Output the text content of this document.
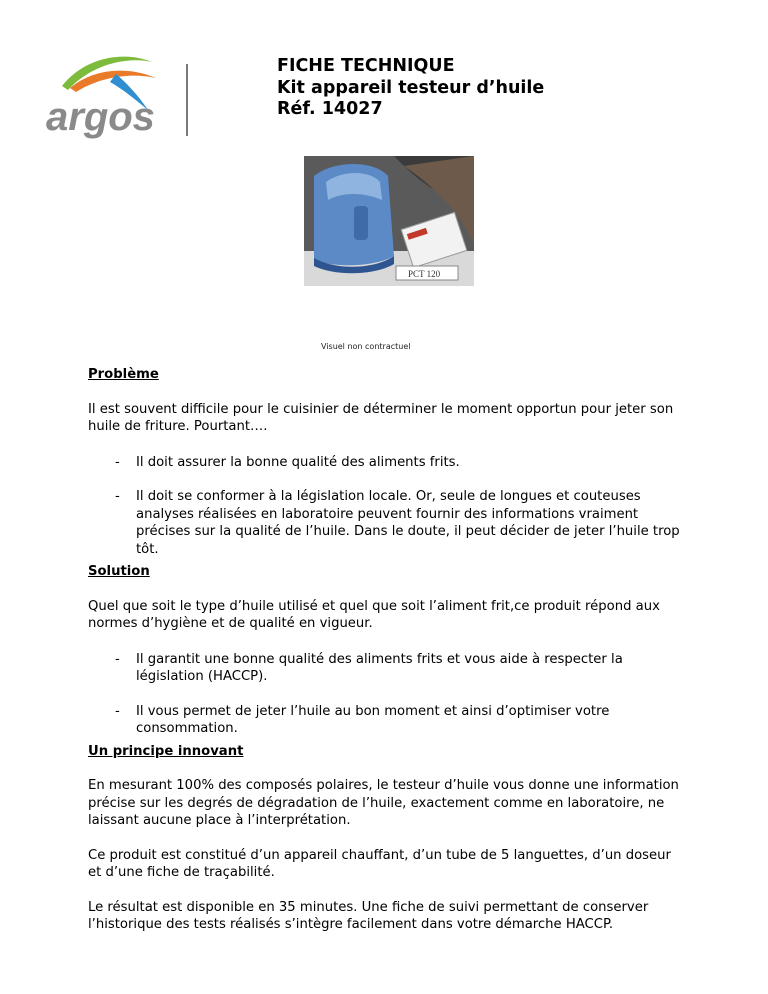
argos
FICHE TECHNIQUE
Kit appareil testeur d’huile
Réf. 14027
PCT 120
Visuel non contractuel

Problème

Il est souvent difficile pour le cuisinier de déterminer le moment opportun pour jeter son huile de friture. Pourtant….

- Il doit assurer la bonne qualité des aliments frits.

- Il doit se conformer à la législation locale. Or, seule de longues et couteuses analyses réalisées en laboratoire peuvent fournir des informations vraiment précises sur la qualité de l’huile. Dans le doute, il peut décider de jeter l’huile trop tôt.

Solution

Quel que soit le type d’huile utilisé et quel que soit l’aliment frit,ce produit répond aux normes d’hygiène et de qualité en vigueur.

- Il garantit une bonne qualité des aliments frits et vous aide à respecter la législation (HACCP).

- Il vous permet de jeter l’huile au bon moment et ainsi d’optimiser votre consommation.

Un principe innovant

En mesurant 100% des composés polaires, le testeur d’huile vous donne une information précise sur les degrés de dégradation de l’huile, exactement comme en laboratoire, ne laissant aucune place à l’interprétation.

Ce produit est constitué d’un appareil chauffant, d’un tube de 5 languettes, d’un doseur et d’une fiche de traçabilité.

Le résultat est disponible en 35 minutes. Une fiche de suivi permettant de conserver l’historique des tests réalisés s’intègre facilement dans votre démarche HACCP.
